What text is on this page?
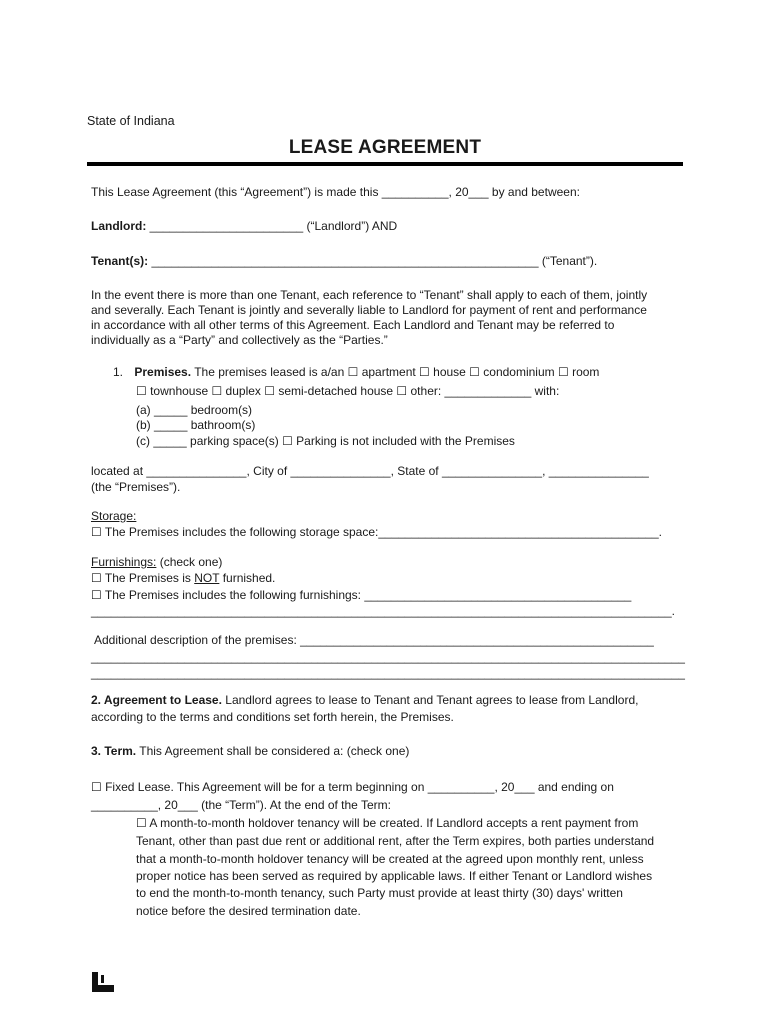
State of Indiana
LEASE AGREEMENT
This Lease Agreement (this “Agreement”) is made this __________, 20___ by and between:
Landlord: _______________________ (“Landlord”) AND
Tenant(s): __________________________________________________________ (“Tenant”).
In the event there is more than one Tenant, each reference to “Tenant” shall apply to each of them, jointly
and severally. Each Tenant is jointly and severally liable to Landlord for payment of rent and performance
in accordance with all other terms of this Agreement. Each Landlord and Tenant may be referred to
individually as a “Party” and collectively as the “Parties.”
1. Premises. The premises leased is a/an ☐ apartment ☐ house ☐ condominium ☐ room
☐ townhouse ☐ duplex ☐ semi-detached house ☐ other: _____________ with:
(a) _____ bedroom(s)
(b) _____ bathroom(s)
(c) _____ parking space(s) ☐ Parking is not included with the Premises
located at _______________, City of _______________, State of _______________, _______________
(the “Premises”).
Storage:
☐ The Premises includes the following storage space:__________________________________________.
Furnishings: (check one)
☐ The Premises is NOT furnished.
☐ The Premises includes the following furnishings: ________________________________________
_______________________________________________________________________________________.
Additional description of the premises: _____________________________________________________
_________________________________________________________________________________________
_________________________________________________________________________________________
2. Agreement to Lease. Landlord agrees to lease to Tenant and Tenant agrees to lease from Landlord,
according to the terms and conditions set forth herein, the Premises.
3. Term. This Agreement shall be considered a: (check one)
☐ Fixed Lease. This Agreement will be for a term beginning on __________, 20___ and ending on
__________, 20___ (the “Term”). At the end of the Term:
☐ A month-to-month holdover tenancy will be created. If Landlord accepts a rent payment from
Tenant, other than past due rent or additional rent, after the Term expires, both parties understand
that a month-to-month holdover tenancy will be created at the agreed upon monthly rent, unless
proper notice has been served as required by applicable laws. If either Tenant or Landlord wishes
to end the month-to-month tenancy, such Party must provide at least thirty (30) days' written
notice before the desired termination date.
